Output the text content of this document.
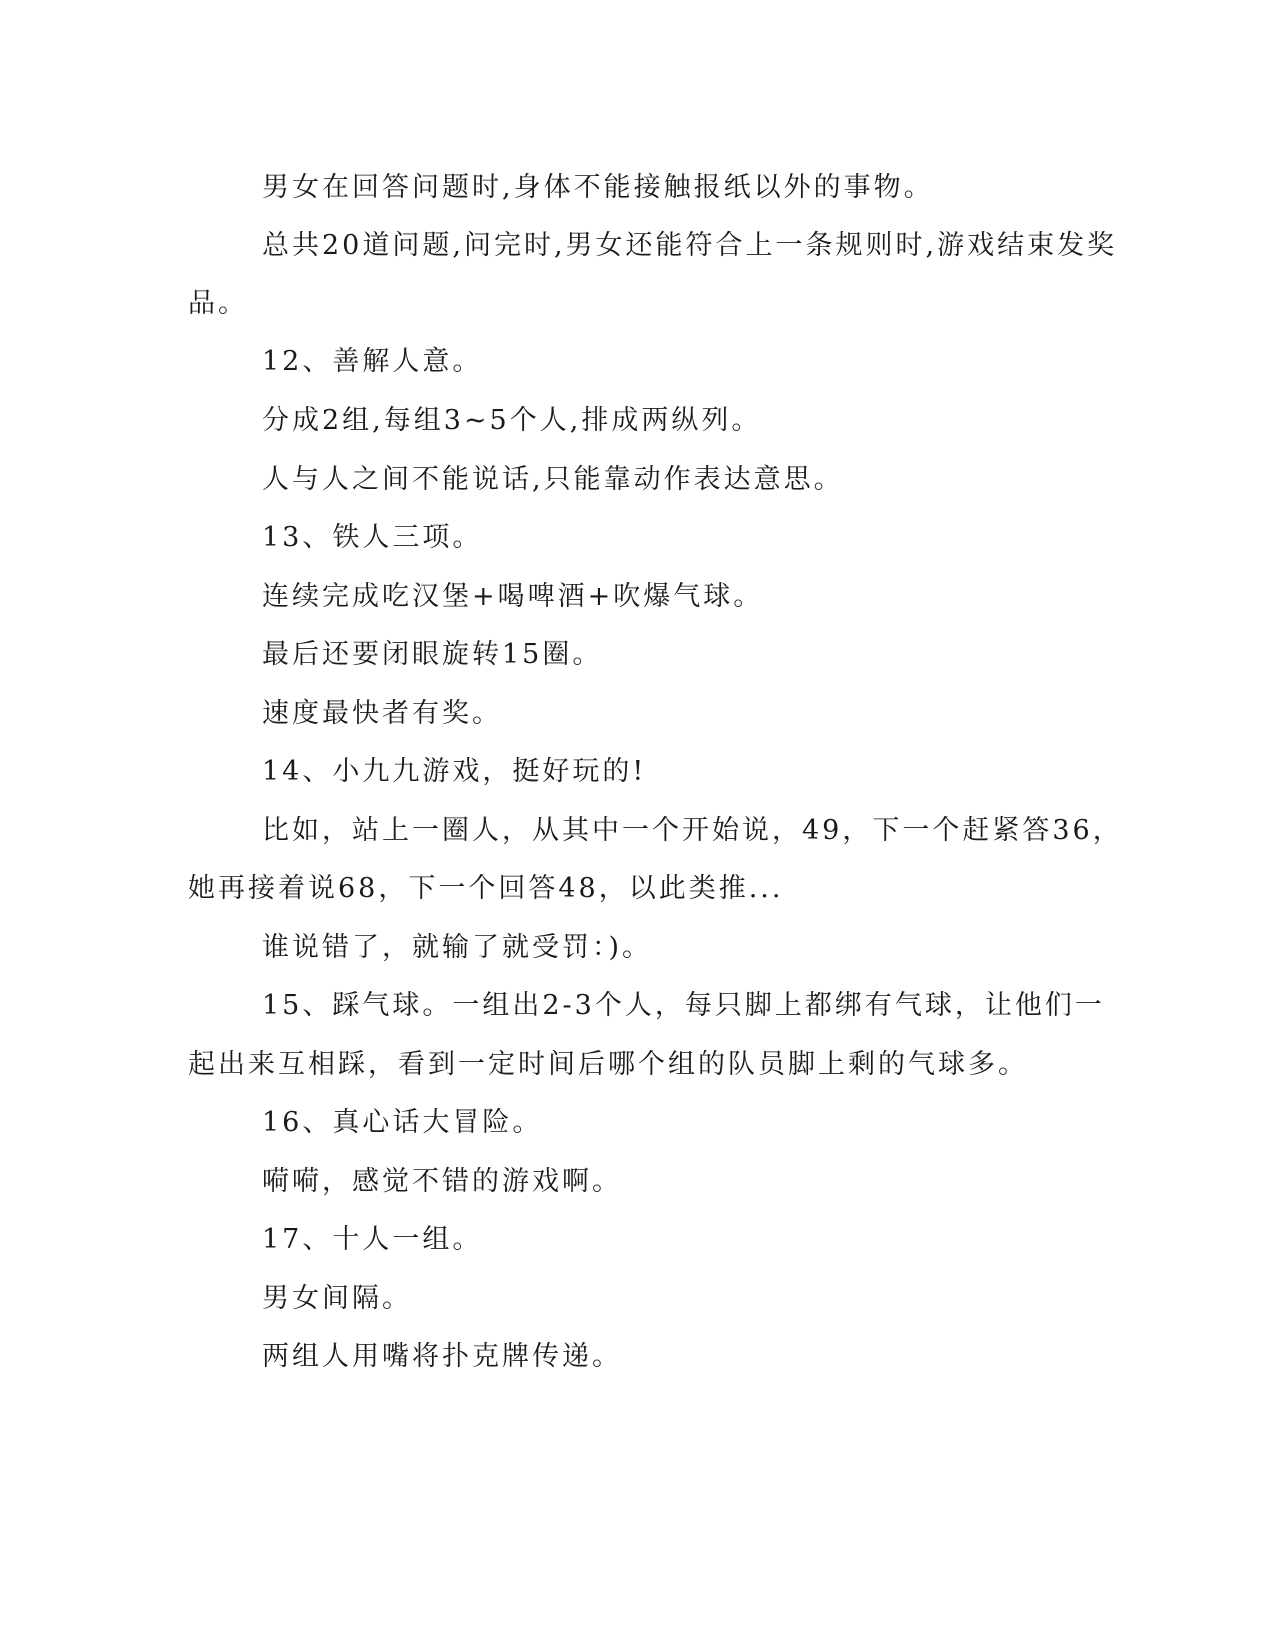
男女在回答问题时,身体不能接触报纸以外的事物。

总共20道问题,问完时,男女还能符合上一条规则时,游戏结束发奖

品。

12、善解人意。

分成2组,每组3~5个人,排成两纵列。

人与人之间不能说话,只能靠动作表达意思。

13、铁人三项。

连续完成吃汉堡+喝啤酒+吹爆气球。

最后还要闭眼旋转15圈。

速度最快者有奖。

14、小九九游戏，挺好玩的!

比如，站上一圈人，从其中一个开始说，49，下一个赶紧答36，

她再接着说68，下一个回答48，以此类推...

谁说错了，就输了就受罚：)。

15、踩气球。一组出2-3个人，每只脚上都绑有气球，让他们一

起出来互相踩，看到一定时间后哪个组的队员脚上剩的气球多。

16、真心话大冒险。

嗬嗬，感觉不错的游戏啊。

17、十人一组。

男女间隔。

两组人用嘴将扑克牌传递。
